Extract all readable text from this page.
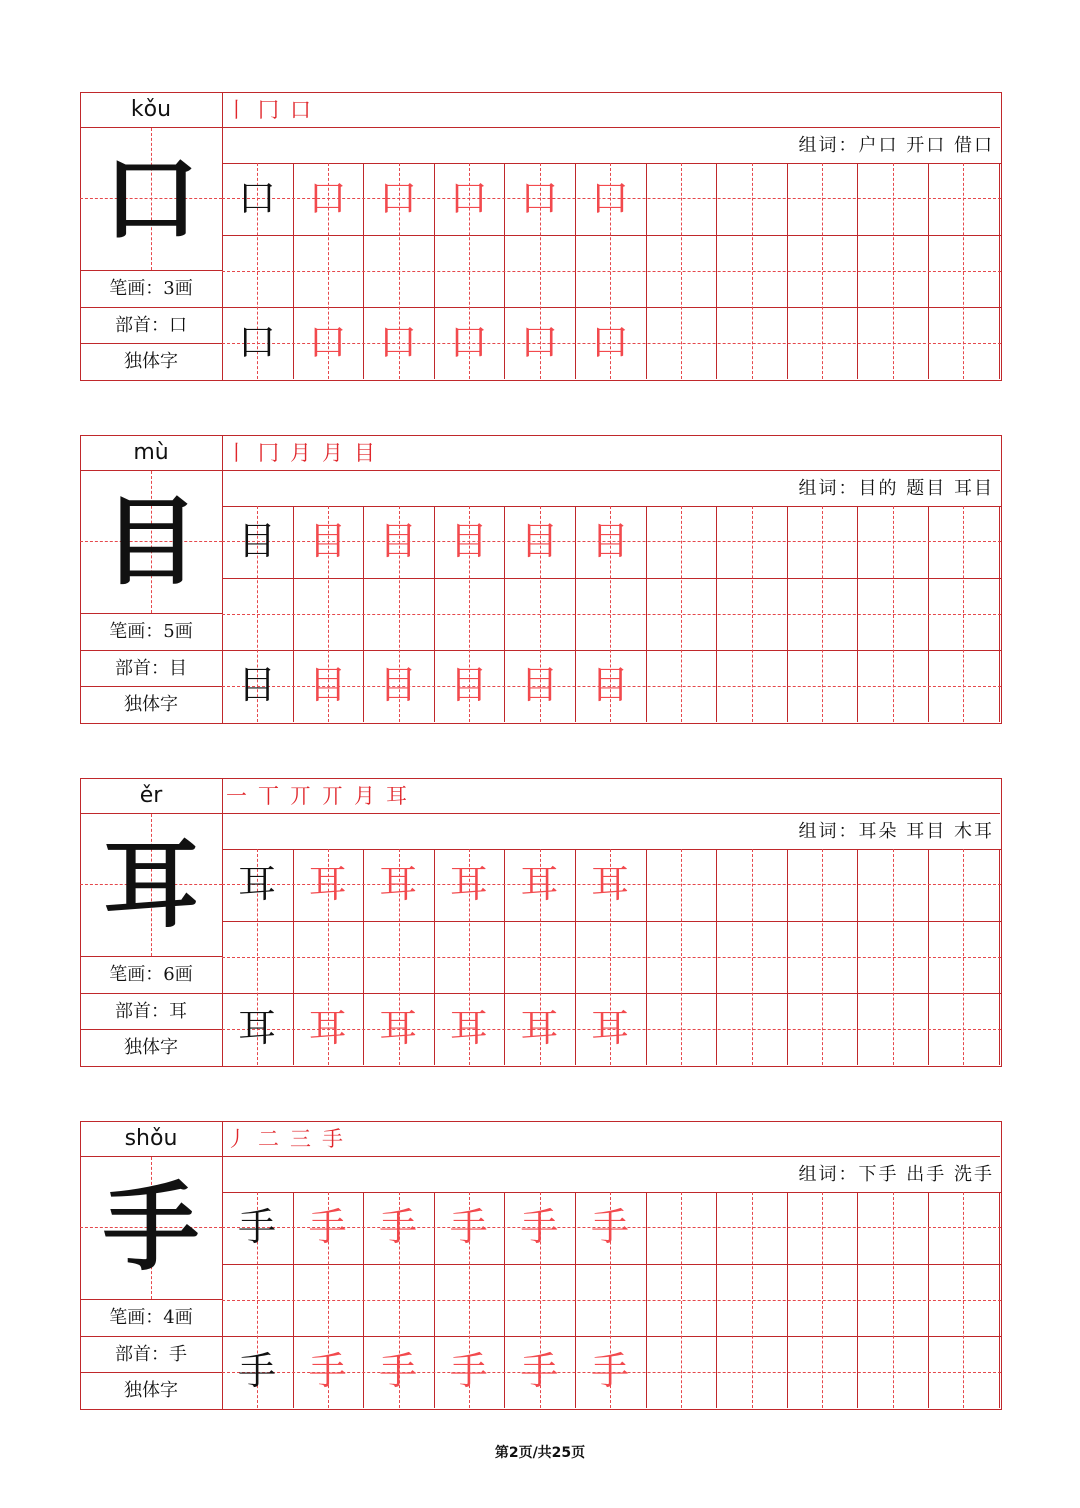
kǒu	丨 冂 口
口
笔画：3画
部首：口
独体字
组词：户口 开口 借口
口 口 口 口 口 口
口 口 口 口 口 口
mù	丨 冂 月 月 目
目
笔画：5画
部首：目
独体字
组词：目的 题目 耳目
目 目 目 目 目 目
目 目 目 目 目 目
ěr	一 丅 丌 丌 月 耳
耳
笔画：6画
部首：耳
独体字
组词：耳朵 耳目 木耳
耳 耳 耳 耳 耳 耳
耳 耳 耳 耳 耳 耳
shǒu	丿 二 三 手
手
笔画：4画
部首：手
独体字
组词：下手 出手 洗手
手 手 手 手 手 手
手 手 手 手 手 手
第2页/共25页
